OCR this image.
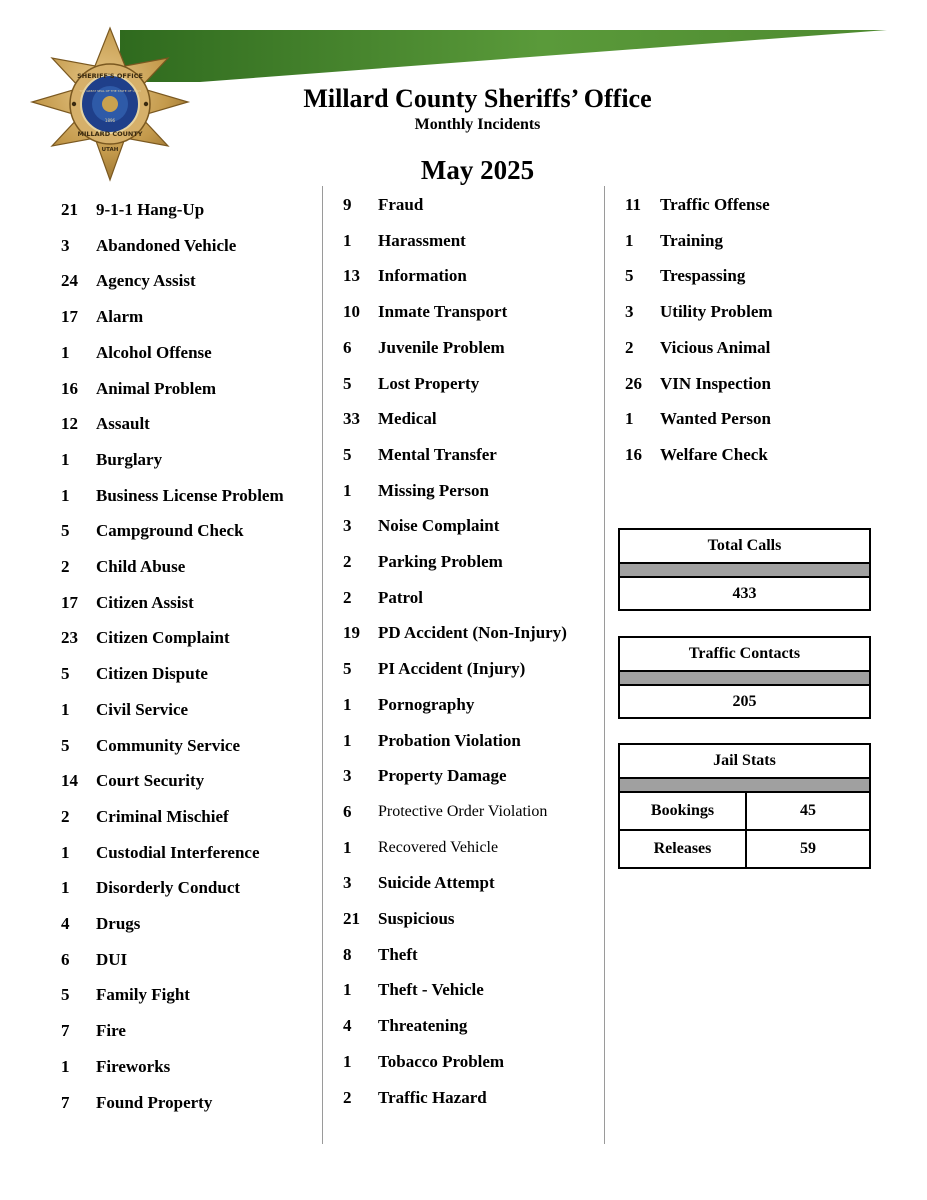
SHERIFF'S OFFICE
MILLARD COUNTY
THE GREAT SEAL OF THE STATE OF UTAH
1896
UTAH
Millard County Sheriffs’ Office
Monthly Incidents
May 2025
21 9-1-1 Hang-Up
3 Abandoned Vehicle
24 Agency Assist
17 Alarm
1 Alcohol Offense
16 Animal Problem
12 Assault
1 Burglary
1 Business License Problem
5 Campground Check
2 Child Abuse
17 Citizen Assist
23 Citizen Complaint
5 Citizen Dispute
1 Civil Service
5 Community Service
14 Court Security
2 Criminal Mischief
1 Custodial Interference
1 Disorderly Conduct
4 Drugs
6 DUI
5 Family Fight
7 Fire
1 Fireworks
7 Found Property
9 Fraud
1 Harassment
13 Information
10 Inmate Transport
6 Juvenile Problem
5 Lost Property
33 Medical
5 Mental Transfer
1 Missing Person
3 Noise Complaint
2 Parking Problem
2 Patrol
19 PD Accident (Non-Injury)
5 PI Accident (Injury)
1 Pornography
1 Probation Violation
3 Property Damage
6 Protective Order Violation
1 Recovered Vehicle
3 Suicide Attempt
21 Suspicious
8 Theft
1 Theft - Vehicle
4 Threatening
1 Tobacco Problem
2 Traffic Hazard
11 Traffic Offense
1 Training
5 Trespassing
3 Utility Problem
2 Vicious Animal
26 VIN Inspection
1 Wanted Person
16 Welfare Check
Total Calls
433
Traffic Contacts
205
Jail Stats
Bookings	45
Releases	59
